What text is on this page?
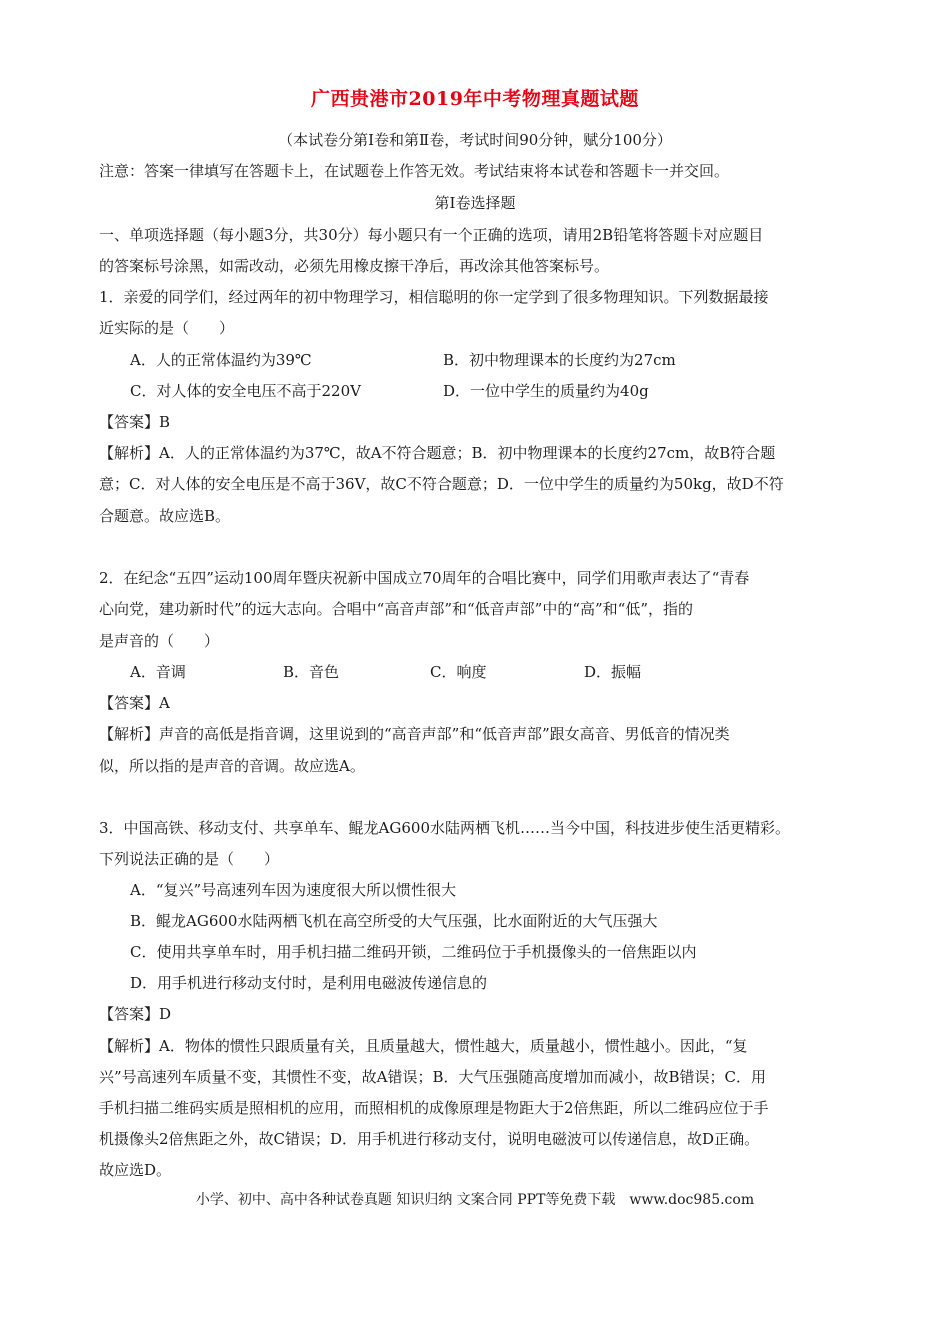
广西贵港市2019年中考物理真题试题
（本试卷分第Ⅰ卷和第Ⅱ卷，考试时间90分钟，赋分100分）
注意：答案一律填写在答题卡上，在试题卷上作答无效。考试结束将本试卷和答题卡一并交回。
第Ⅰ卷选择题
一、单项选择题（每小题3分，共30分）每小题只有一个正确的选项，请用2B铅笔将答题卡对应题目
的答案标号涂黑，如需改动，必须先用橡皮擦干净后，再改涂其他答案标号。
1．亲爱的同学们，经过两年的初中物理学习，相信聪明的你一定学到了很多物理知识。下列数据最接
近实际的是（　　）
A．人的正常体温约为39℃	B．初中物理课本的长度约为27cm
C．对人体的安全电压不高于220V	D．一位中学生的质量约为40g
【答案】B
【解析】A．人的正常体温约为37℃，故A不符合题意；B．初中物理课本的长度约27cm，故B符合题
意；C．对人体的安全电压是不高于36V，故C不符合题意；D．一位中学生的质量约为50kg，故D不符
合题意。故应选B。
2．在纪念“五四”运动100周年暨庆祝新中国成立70周年的合唱比赛中，同学们用歌声表达了“青春
心向党，建功新时代”的远大志向。合唱中“高音声部”和“低音声部”中的“高”和“低”，指的
是声音的（　　）
A．音调	B．音色	C．响度	D．振幅
【答案】A
【解析】声音的高低是指音调，这里说到的“高音声部”和“低音声部”跟女高音、男低音的情况类
似，所以指的是声音的音调。故应选A。
3．中国高铁、移动支付、共享单车、鲲龙AG600水陆两栖飞机……当今中国，科技进步使生活更精彩。
下列说法正确的是（　　）
A．“复兴”号高速列车因为速度很大所以惯性很大
B．鲲龙AG600水陆两栖飞机在高空所受的大气压强，比水面附近的大气压强大
C．使用共享单车时，用手机扫描二维码开锁，二维码位于手机摄像头的一倍焦距以内
D．用手机进行移动支付时，是利用电磁波传递信息的
【答案】D
【解析】A．物体的惯性只跟质量有关，且质量越大，惯性越大，质量越小，惯性越小。因此，“复
兴”号高速列车质量不变，其惯性不变，故A错误；B．大气压强随高度增加而减小，故B错误；C．用
手机扫描二维码实质是照相机的应用，而照相机的成像原理是物距大于2倍焦距，所以二维码应位于手
机摄像头2倍焦距之外，故C错误；D．用手机进行移动支付，说明电磁波可以传递信息，故D正确。
故应选D。
小学、初中、高中各种试卷真题 知识归纳 文案合同 PPT等免费下载　www.doc985.com
